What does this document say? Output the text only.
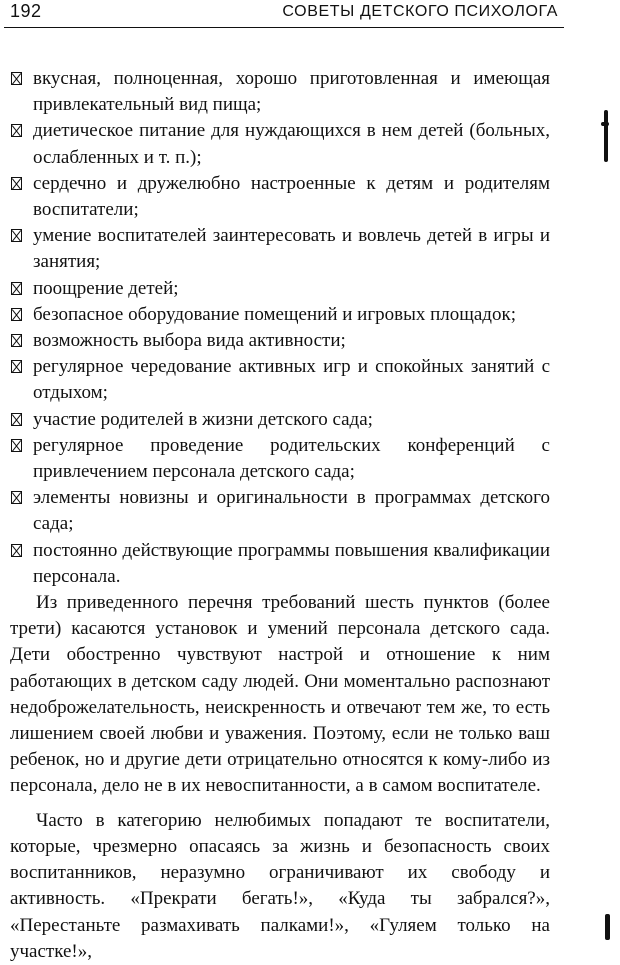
192	СОВЕТЫ ДЕТСКОГО ПСИХОЛОГА

вкусная, полноценная, хорошо приготовленная и имеющая привлекательный вид пища;

диетическое питание для нуждающихся в нем детей (больных, ослабленных и т. п.);

сердечно и дружелюбно настроенные к детям и родителям воспитатели;

умение воспитателей заинтересовать и вовлечь детей в игры и занятия;

поощрение детей;

безопасное оборудование помещений и игровых площадок;

возможность выбора вида активности;

регулярное чередование активных игр и спокойных занятий с отдыхом;

участие родителей в жизни детского сада;

регулярное проведение родительских конференций с привлечением персонала детского сада;

элементы новизны и оригинальности в программах детского сада;

постоянно действующие программы повышения квалификации персонала.

Из приведенного перечня требований шесть пунктов (более трети) касаются установок и умений персонала детского сада. Дети обостренно чувствуют настрой и отношение к ним работающих в детском саду людей. Они моментально распознают недоброжелательность, неискренность и отвечают тем же, то есть лишением своей любви и уважения. Поэтому, если не только ваш ребенок, но и другие дети отрицательно относятся к кому-либо из персонала, дело не в их невоспитанности, а в самом воспитателе.

Часто в категорию нелюбимых попадают те воспитатели, которые, чрезмерно опасаясь за жизнь и безопасность своих воспитанников, неразумно ограничивают их свободу и активность. «Прекрати бегать!», «Куда ты забрался?», «Перестаньте размахивать палками!», «Гуляем только на участке!»,
